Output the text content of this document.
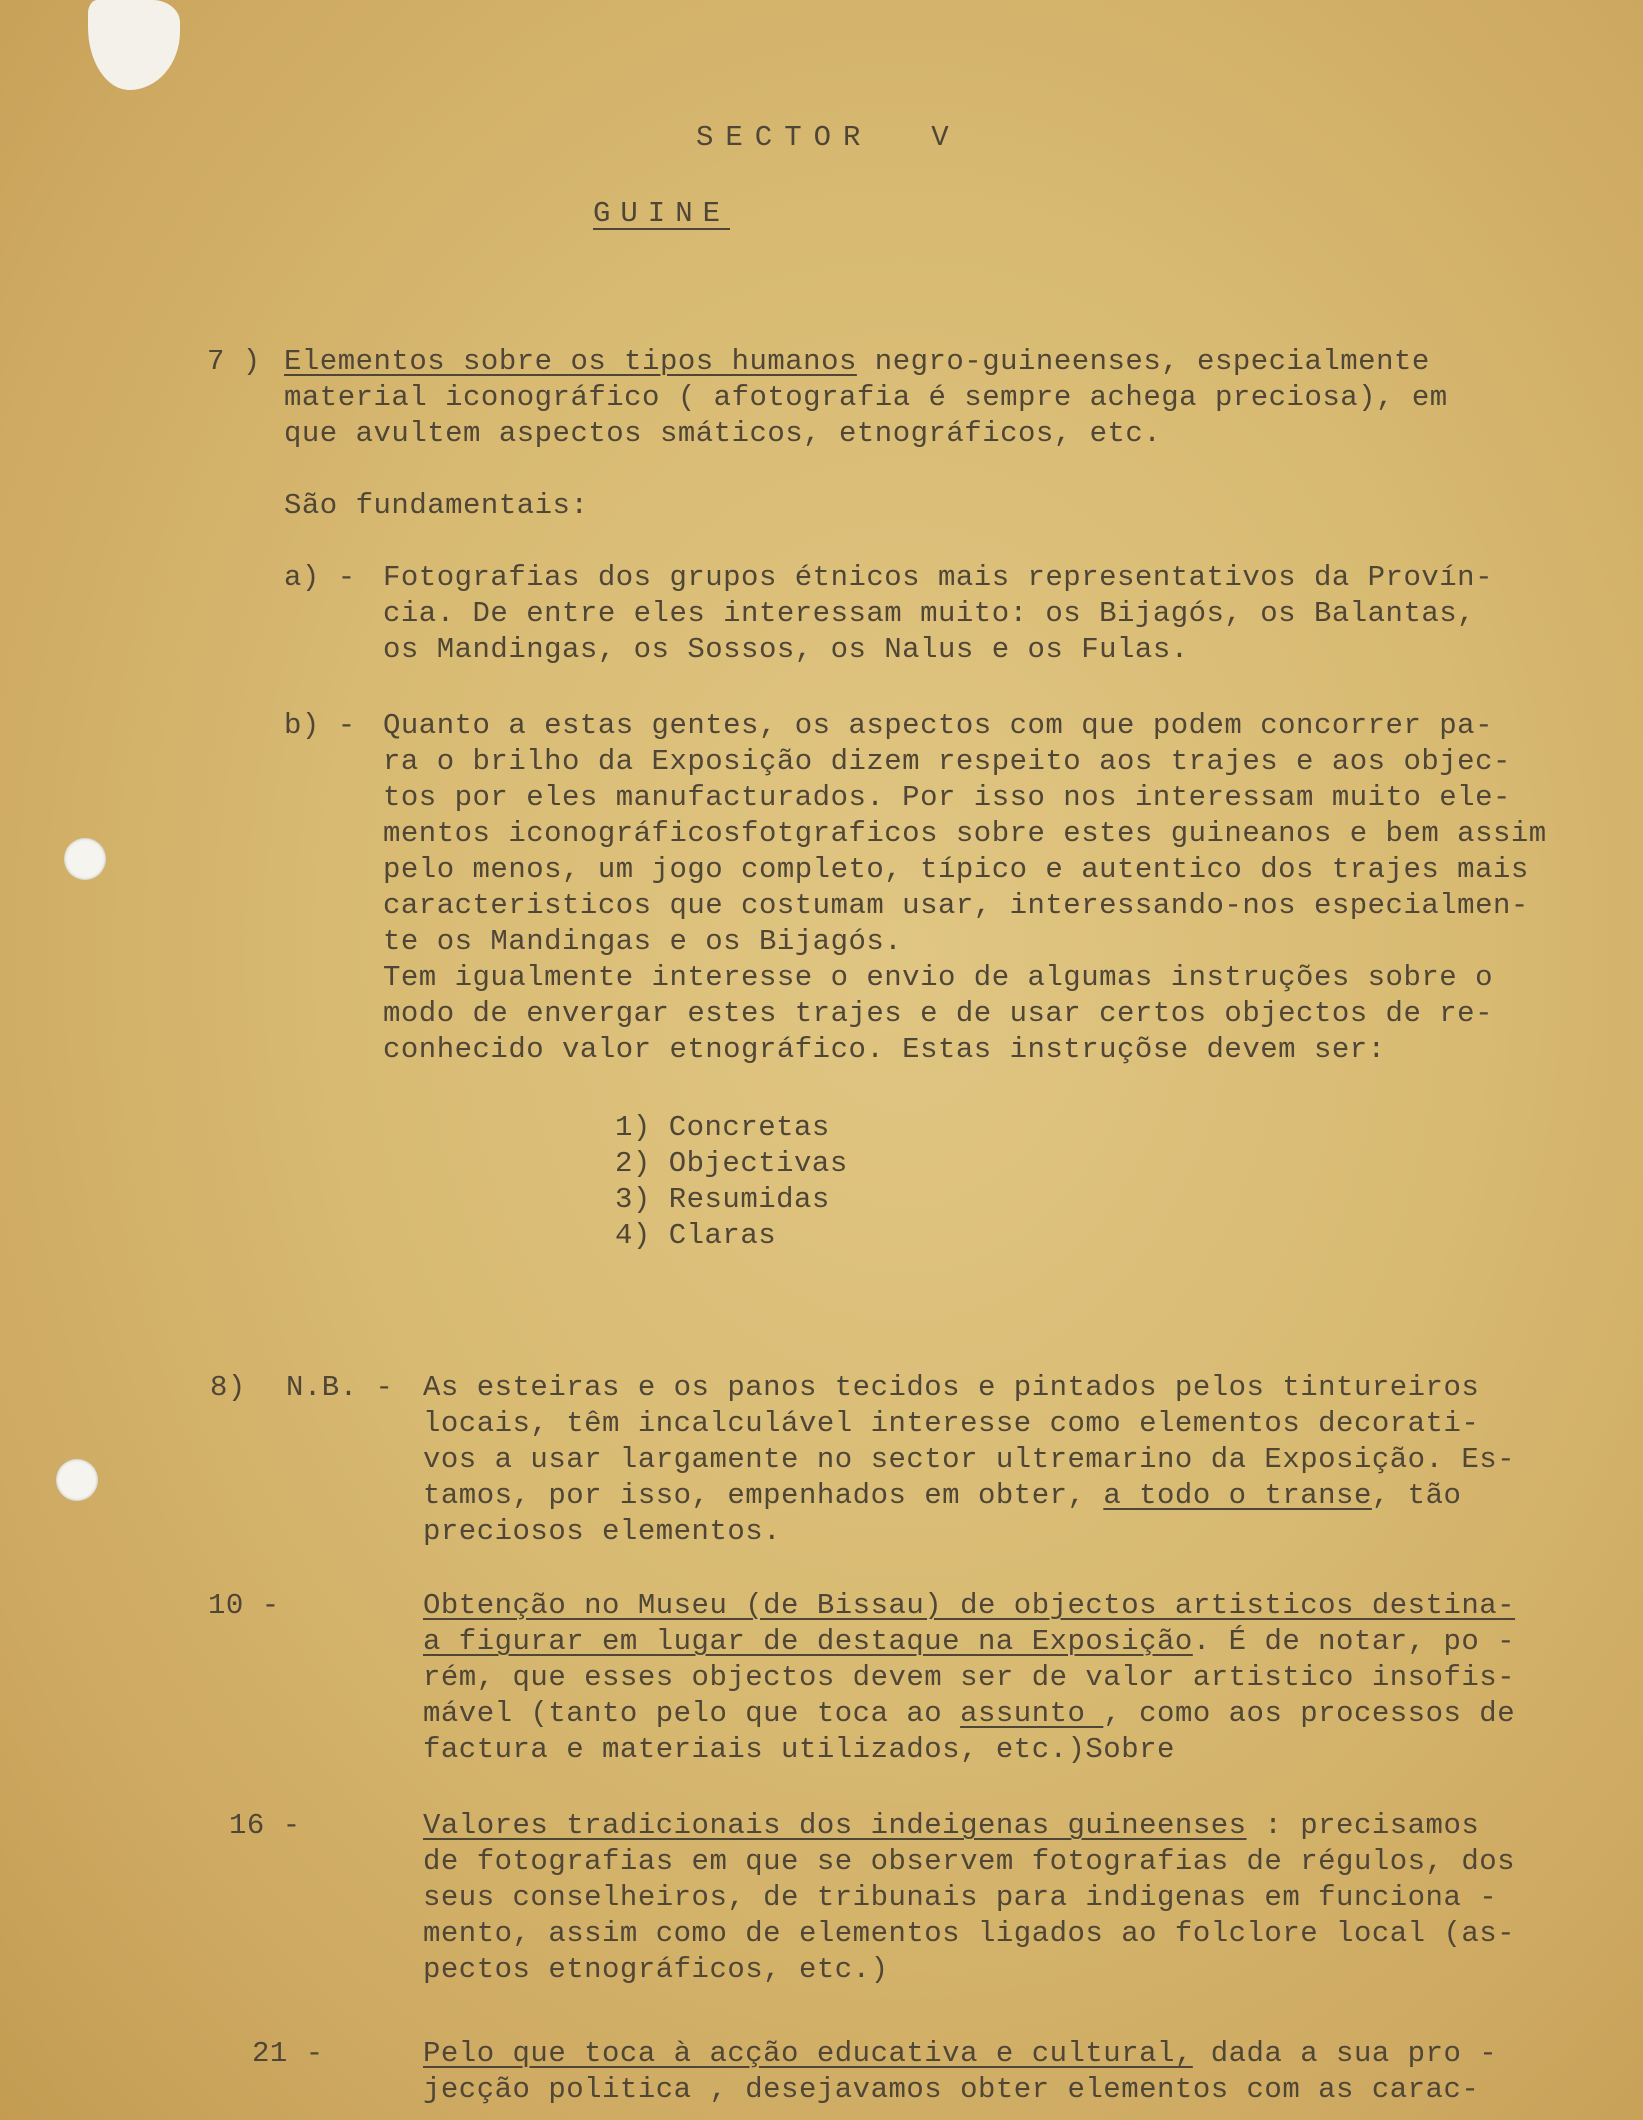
SECTOR  V
GUINE
7 ) Elementos sobre os tipos humanos negro-guineenses, especialmente
material iconográfico ( afotografia é sempre achega preciosa), em
que avultem aspectos smáticos, etnográficos, etc.
São fundamentais:
a) - Fotografias dos grupos étnicos mais representativos da Provín-
cia. De entre eles interessam muito: os Bijagós, os Balantas,
os Mandingas, os Sossos, os Nalus e os Fulas.
b) - Quanto a estas gentes, os aspectos com que podem concorrer pa-
ra o brilho da Exposição dizem respeito aos trajes e aos objec-
tos por eles manufacturados. Por isso nos interessam muito ele-
mentos iconográficosfotgraficos sobre estes guineanos e bem assim
pelo menos, um jogo completo, típico e autentico dos trajes mais
caracteristicos que costumam usar, interessando-nos especialmen-
te os Mandingas e os Bijagós.
Tem igualmente interesse o envio de algumas instruções sobre o
modo de envergar estes trajes e de usar certos objectos de re-
conhecido valor etnográfico. Estas instruçõse devem ser:
1) Concretas
2) Objectivas
3) Resumidas
4) Claras
8) N.B. - As esteiras e os panos tecidos e pintados pelos tintureiros
locais, têm incalculável interesse como elementos decorati-
vos a usar largamente no sector ultremarino da Exposição. Es-
tamos, por isso, empenhados em obter, a todo o transe, tão
preciosos elementos.
10 -	Obtenção no Museu (de Bissau) de objectos artisticos destina-
a figurar em lugar de destaque na Exposição. É de notar, po -
rém, que esses objectos devem ser de valor artistico insofis-
mável (tanto pelo que toca ao assunto , como aos processos de
factura e materiais utilizados, etc.)Sobre
16 -	Valores tradicionais dos indeigenas guineenses : precisamos
de fotografias em que se observem fotografias de régulos, dos
seus conselheiros, de tribunais para indigenas em funciona -
mento, assim como de elementos ligados ao folclore local (as-
pectos etnográficos, etc.)
21 -	Pelo que toca à acção educativa e cultural, dada a sua pro -
jecção politica , desejavamos obter elementos com as carac-
